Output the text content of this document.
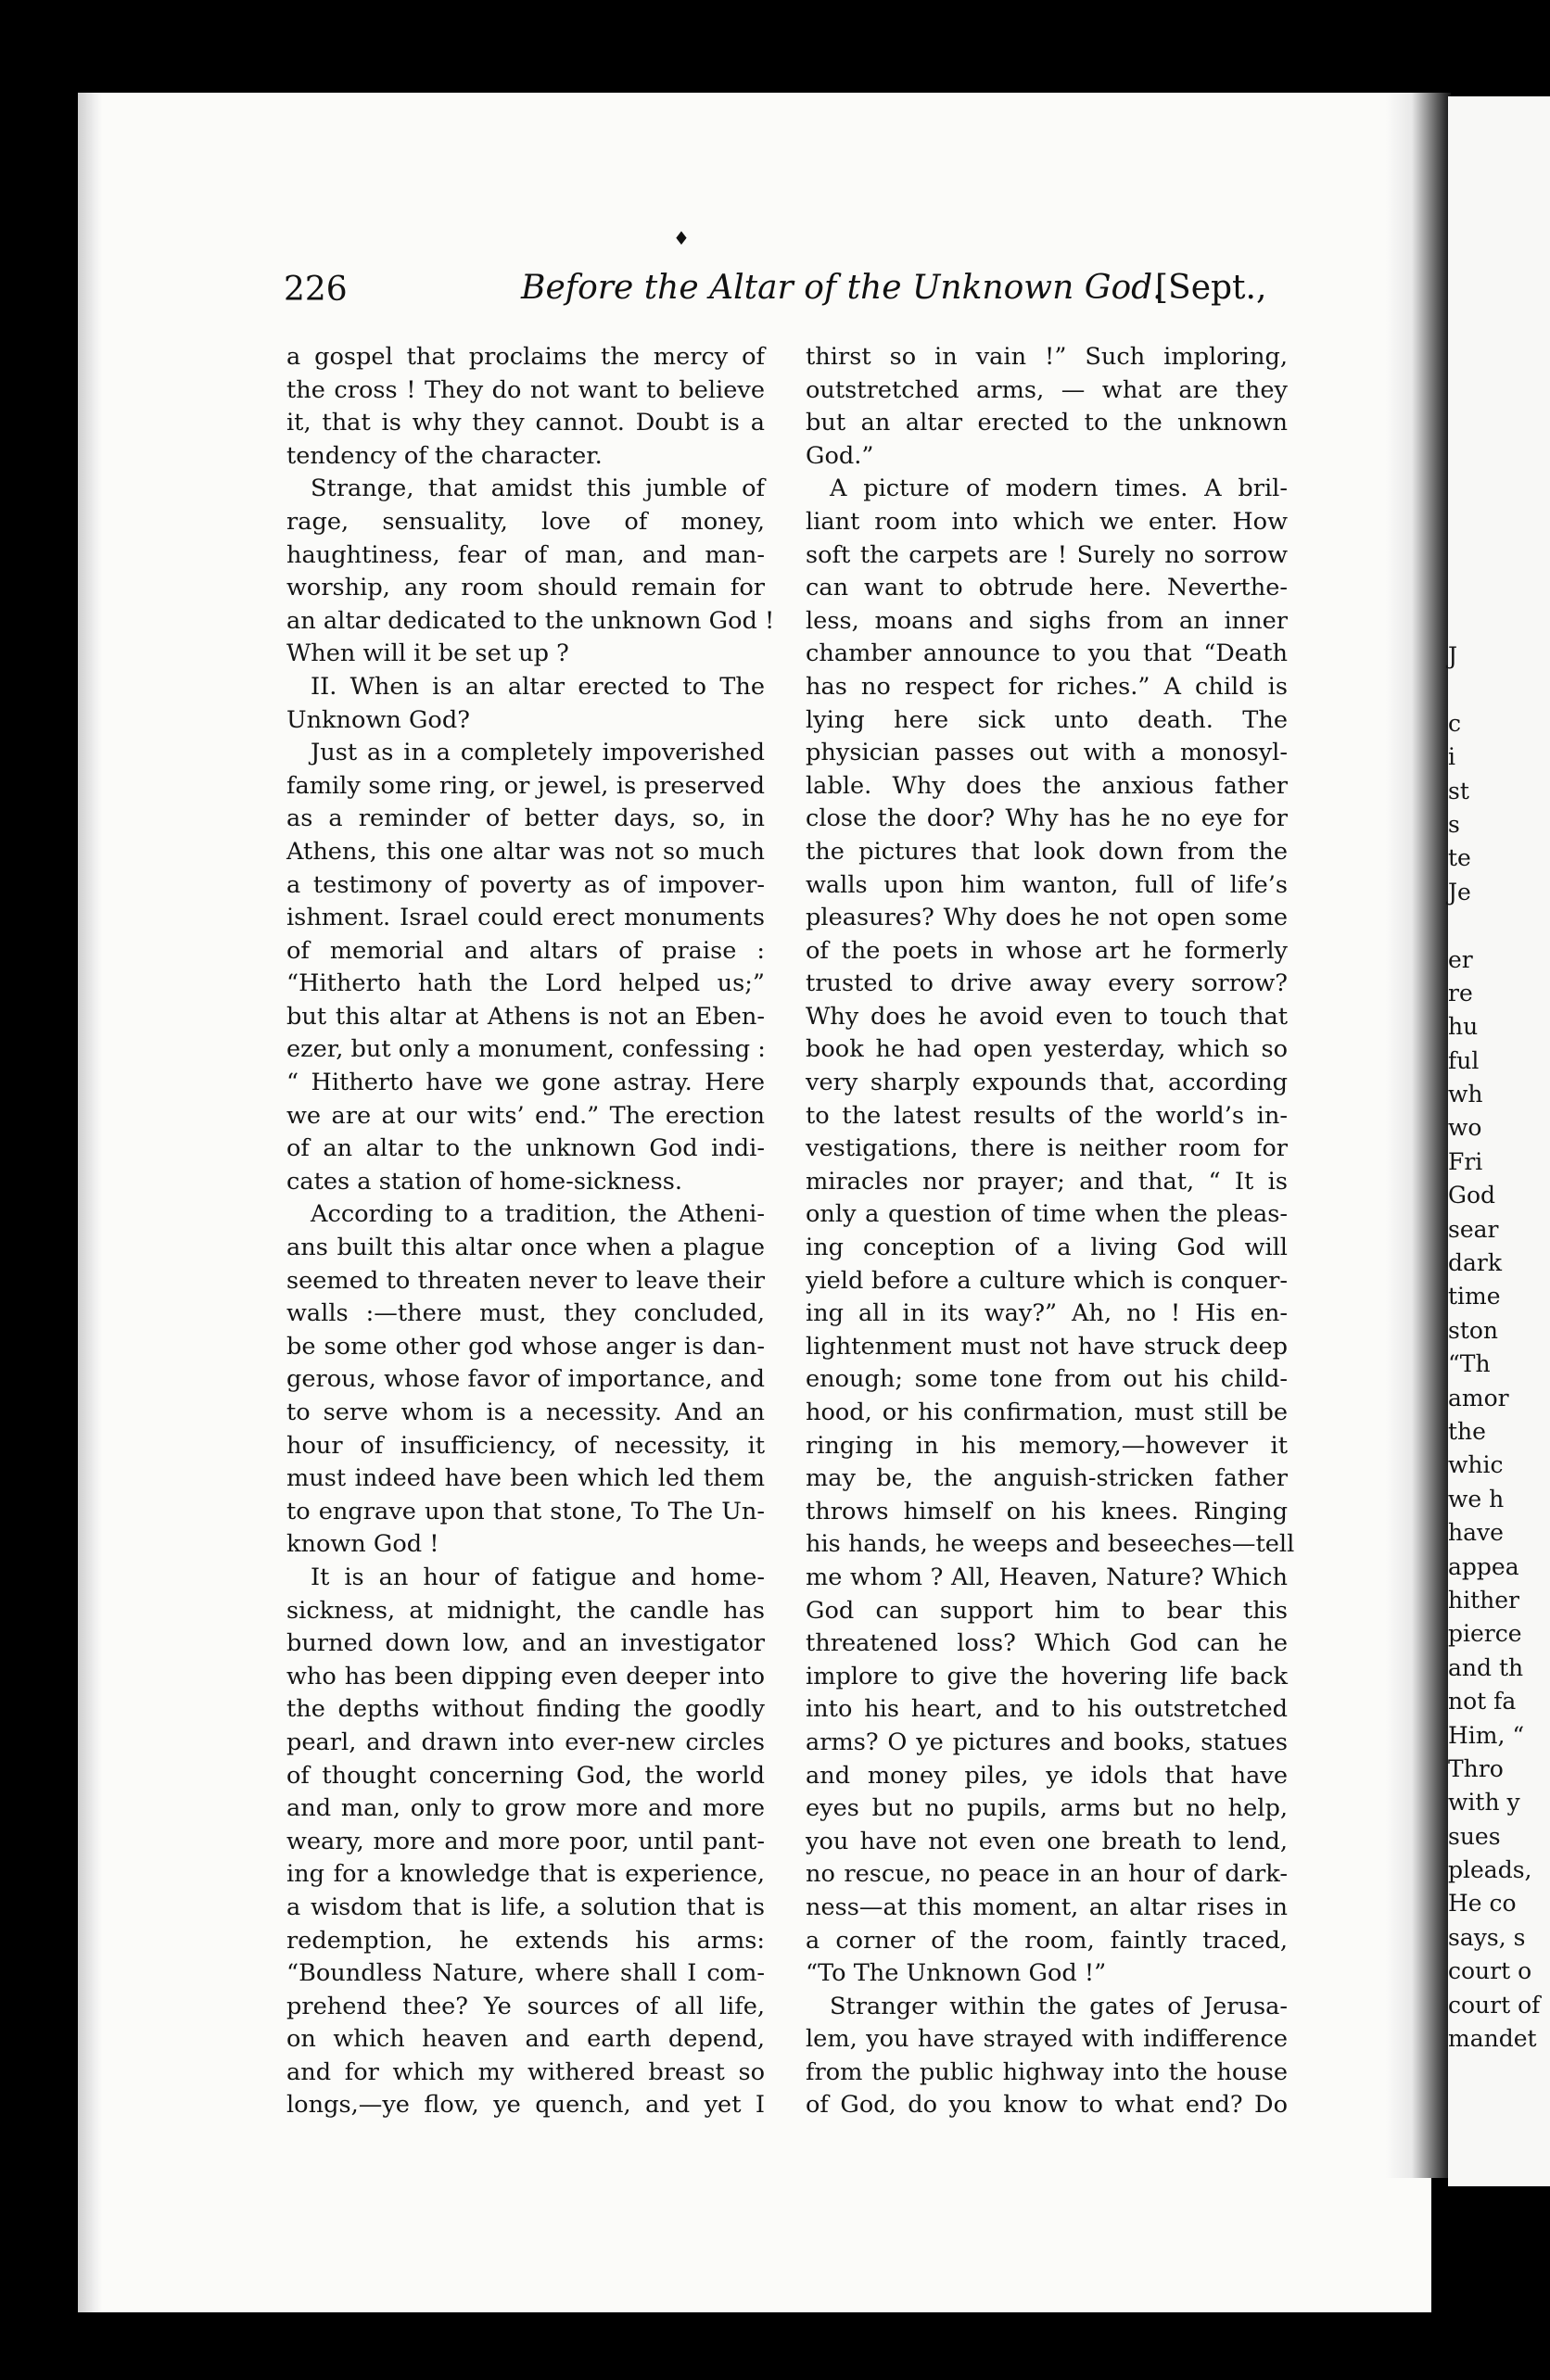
♦
226	Before the Altar of the Unknown God.
[Sept.,
a gospel that proclaims the mercy of
the cross ! They do not want to believe
it, that is why they cannot. Doubt is a
tendency of the character.
Strange, that amidst this jumble of
rage, sensuality, love of money,
haughtiness, fear of man, and man-
worship, any room should remain for
an altar dedicated to the unknown God !
When will it be set up ?
II. When is an altar erected to The
Unknown God?
Just as in a completely impoverished
family some ring, or jewel, is preserved
as a reminder of better days, so, in
Athens, this one altar was not so much
a testimony of poverty as of impover-
ishment. Israel could erect monuments
of memorial and altars of praise :
“Hitherto hath the Lord helped us;”
but this altar at Athens is not an Eben-
ezer, but only a monument, confessing :
“ Hitherto have we gone astray. Here
we are at our wits’ end.” The erection
of an altar to the unknown God indi-
cates a station of home-sickness.
According to a tradition, the Atheni-
ans built this altar once when a plague
seemed to threaten never to leave their
walls :—there must, they concluded,
be some other god whose anger is dan-
gerous, whose favor of importance, and
to serve whom is a necessity. And an
hour of insufficiency, of necessity, it
must indeed have been which led them
to engrave upon that stone, To The Un-
known God !
It is an hour of fatigue and home-
sickness, at midnight, the candle has
burned down low, and an investigator
who has been dipping even deeper into
the depths without finding the goodly
pearl, and drawn into ever-new circles
of thought concerning God, the world
and man, only to grow more and more
weary, more and more poor, until pant-
ing for a knowledge that is experience,
a wisdom that is life, a solution that is
redemption, he extends his arms:
“Boundless Nature, where shall I com-
prehend thee? Ye sources of all life,
on which heaven and earth depend,
and for which my withered breast so
longs,—ye flow, ye quench, and yet I
thirst so in vain !” Such imploring,
outstretched arms, — what are they
but an altar erected to the unknown
God.”
A picture of modern times. A bril-
liant room into which we enter. How
soft the carpets are ! Surely no sorrow
can want to obtrude here. Neverthe-
less, moans and sighs from an inner
chamber announce to you that “Death
has no respect for riches.” A child is
lying here sick unto death. The
physician passes out with a monosyl-
lable. Why does the anxious father
close the door? Why has he no eye for
the pictures that look down from the
walls upon him wanton, full of life’s
pleasures? Why does he not open some
of the poets in whose art he formerly
trusted to drive away every sorrow?
Why does he avoid even to touch that
book he had open yesterday, which so
very sharply expounds that, according
to the latest results of the world’s in-
vestigations, there is neither room for
miracles nor prayer; and that, “ It is
only a question of time when the pleas-
ing conception of a living God will
yield before a culture which is conquer-
ing all in its way?” Ah, no ! His en-
lightenment must not have struck deep
enough; some tone from out his child-
hood, or his confirmation, must still be
ringing in his memory,—however it
may be, the anguish-stricken father
throws himself on his knees. Ringing
his hands, he weeps and beseeches—tell
me whom ? All, Heaven, Nature? Which
God can support him to bear this
threatened loss? Which God can he
implore to give the hovering life back
into his heart, and to his outstretched
arms? O ye pictures and books, statues
and money piles, ye idols that have
eyes but no pupils, arms but no help,
you have not even one breath to lend,
no rescue, no peace in an hour of dark-
ness—at this moment, an altar rises in
a corner of the room, faintly traced,
“To The Unknown God !”
Stranger within the gates of Jerusa-
lem, you have strayed with indifference
from the public highway into the house
of God, do you know to what end? Do
J
c
i
st
s
te
Je
er
re
hu
ful
wh
wo
Fri
God
sear
dark
time
ston
“Th
amor
the
whic
we h
have
appea
hither
pierce
and th
not fa
Him, “
Thro
with y
sues
pleads,
He co
says, s
court o
court of
mandet
